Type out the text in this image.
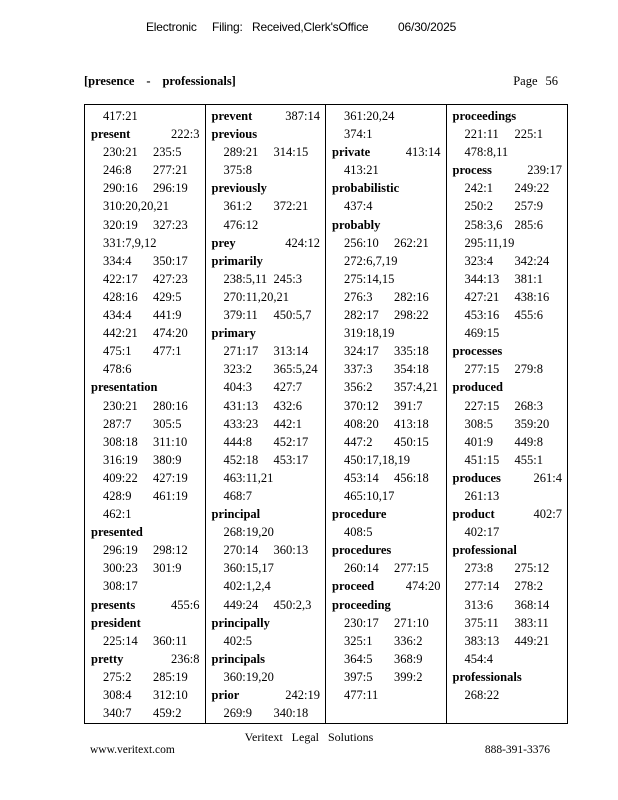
Electronic Filing: Received,Clerk'sOffice 06/30/2025
[presence - professionals]	Page 56
417:21
present	222:3
230:21 235:5
246:8 277:21
290:16 296:19
310:20,20,21
320:19 327:23
331:7,9,12
334:4 350:17
422:17 427:23
428:16 429:5
434:4 441:9
442:21 474:20
475:1 477:1
478:6
presentation
230:21 280:16
287:7 305:5
308:18 311:10
316:19 380:9
409:22 427:19
428:9 461:19
462:1
presented
296:19 298:12
300:23 301:9
308:17
presents	455:6
president
225:14 360:11
pretty	236:8
275:2 285:19
308:4 312:10
340:7 459:2
prevent	387:14
previous
289:21 314:15
375:8
previously
361:2 372:21
476:12
prey	424:12
primarily
238:5,11 245:3
270:11,20,21
379:11 450:5,7
primary
271:17 313:14
323:2 365:5,24
404:3 427:7
431:13 432:6
433:23 442:1
444:8 452:17
452:18 453:17
463:11,21
468:7
principal
268:19,20
270:14 360:13
360:15,17
402:1,2,4
449:24 450:2,3
principally
402:5
principals
360:19,20
prior	242:19
269:9 340:18
361:20,24
374:1
private	413:14
413:21
probabilistic
437:4
probably
256:10 262:21
272:6,7,19
275:14,15
276:3 282:16
282:17 298:22
319:18,19
324:17 335:18
337:3 354:18
356:2 357:4,21
370:12 391:7
408:20 413:18
447:2 450:15
450:17,18,19
453:14 456:18
465:10,17
procedure
408:5
procedures
260:14 277:15
proceed	474:20
proceeding
230:17 271:10
325:1 336:2
364:5 368:9
397:5 399:2
477:11
proceedings
221:11 225:1
478:8,11
process	239:17
242:1 249:22
250:2 257:9
258:3,6 285:6
295:11,19
323:4 342:24
344:13 381:1
427:21 438:16
453:16 455:6
469:15
processes
277:15 279:8
produced
227:15 268:3
308:5 359:20
401:9 449:8
451:15 455:1
produces	261:4
261:13
product	402:7
402:17
professional
273:8 275:12
277:14 278:2
313:6 368:14
375:11 383:11
383:13 449:21
454:4
professionals
268:22
Veritext Legal Solutions
www.veritext.com	888-391-3376
